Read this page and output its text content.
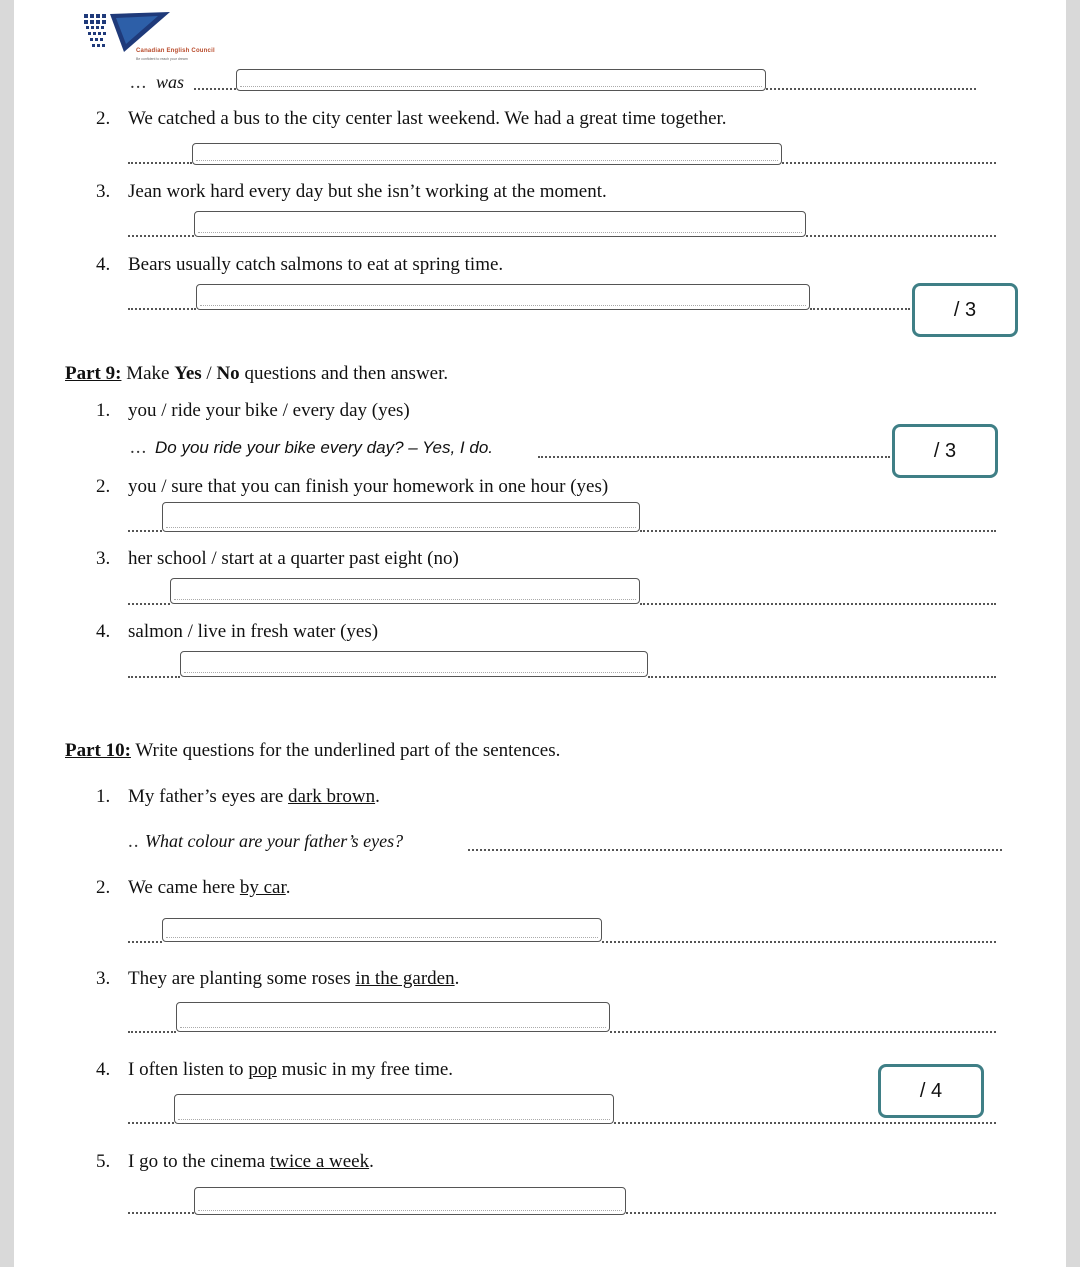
Canadian English Council
Be confident to reach your dream
... was
2. We catched a bus to the city center last weekend. We had a great time together.
3. Jean work hard every day but she isn’t working at the moment.
4. Bears usually catch salmons to eat at spring time.
/ 3
Part 9: Make Yes / No questions and then answer.
1. you / ride your bike / every day (yes)
... Do you ride your bike every day? – Yes, I do.	/ 3
2. you / sure that you can finish your homework in one hour (yes)
3. her school / start at a quarter past eight (no)
4. salmon / live in fresh water (yes)
Part 10: Write questions for the underlined part of the sentences.
1. My father’s eyes are dark brown.
.. What colour are your father’s eyes?
2. We came here by car.
3. They are planting some roses in the garden.
4. I often listen to pop music in my free time.
/ 4
5. I go to the cinema twice a week.
